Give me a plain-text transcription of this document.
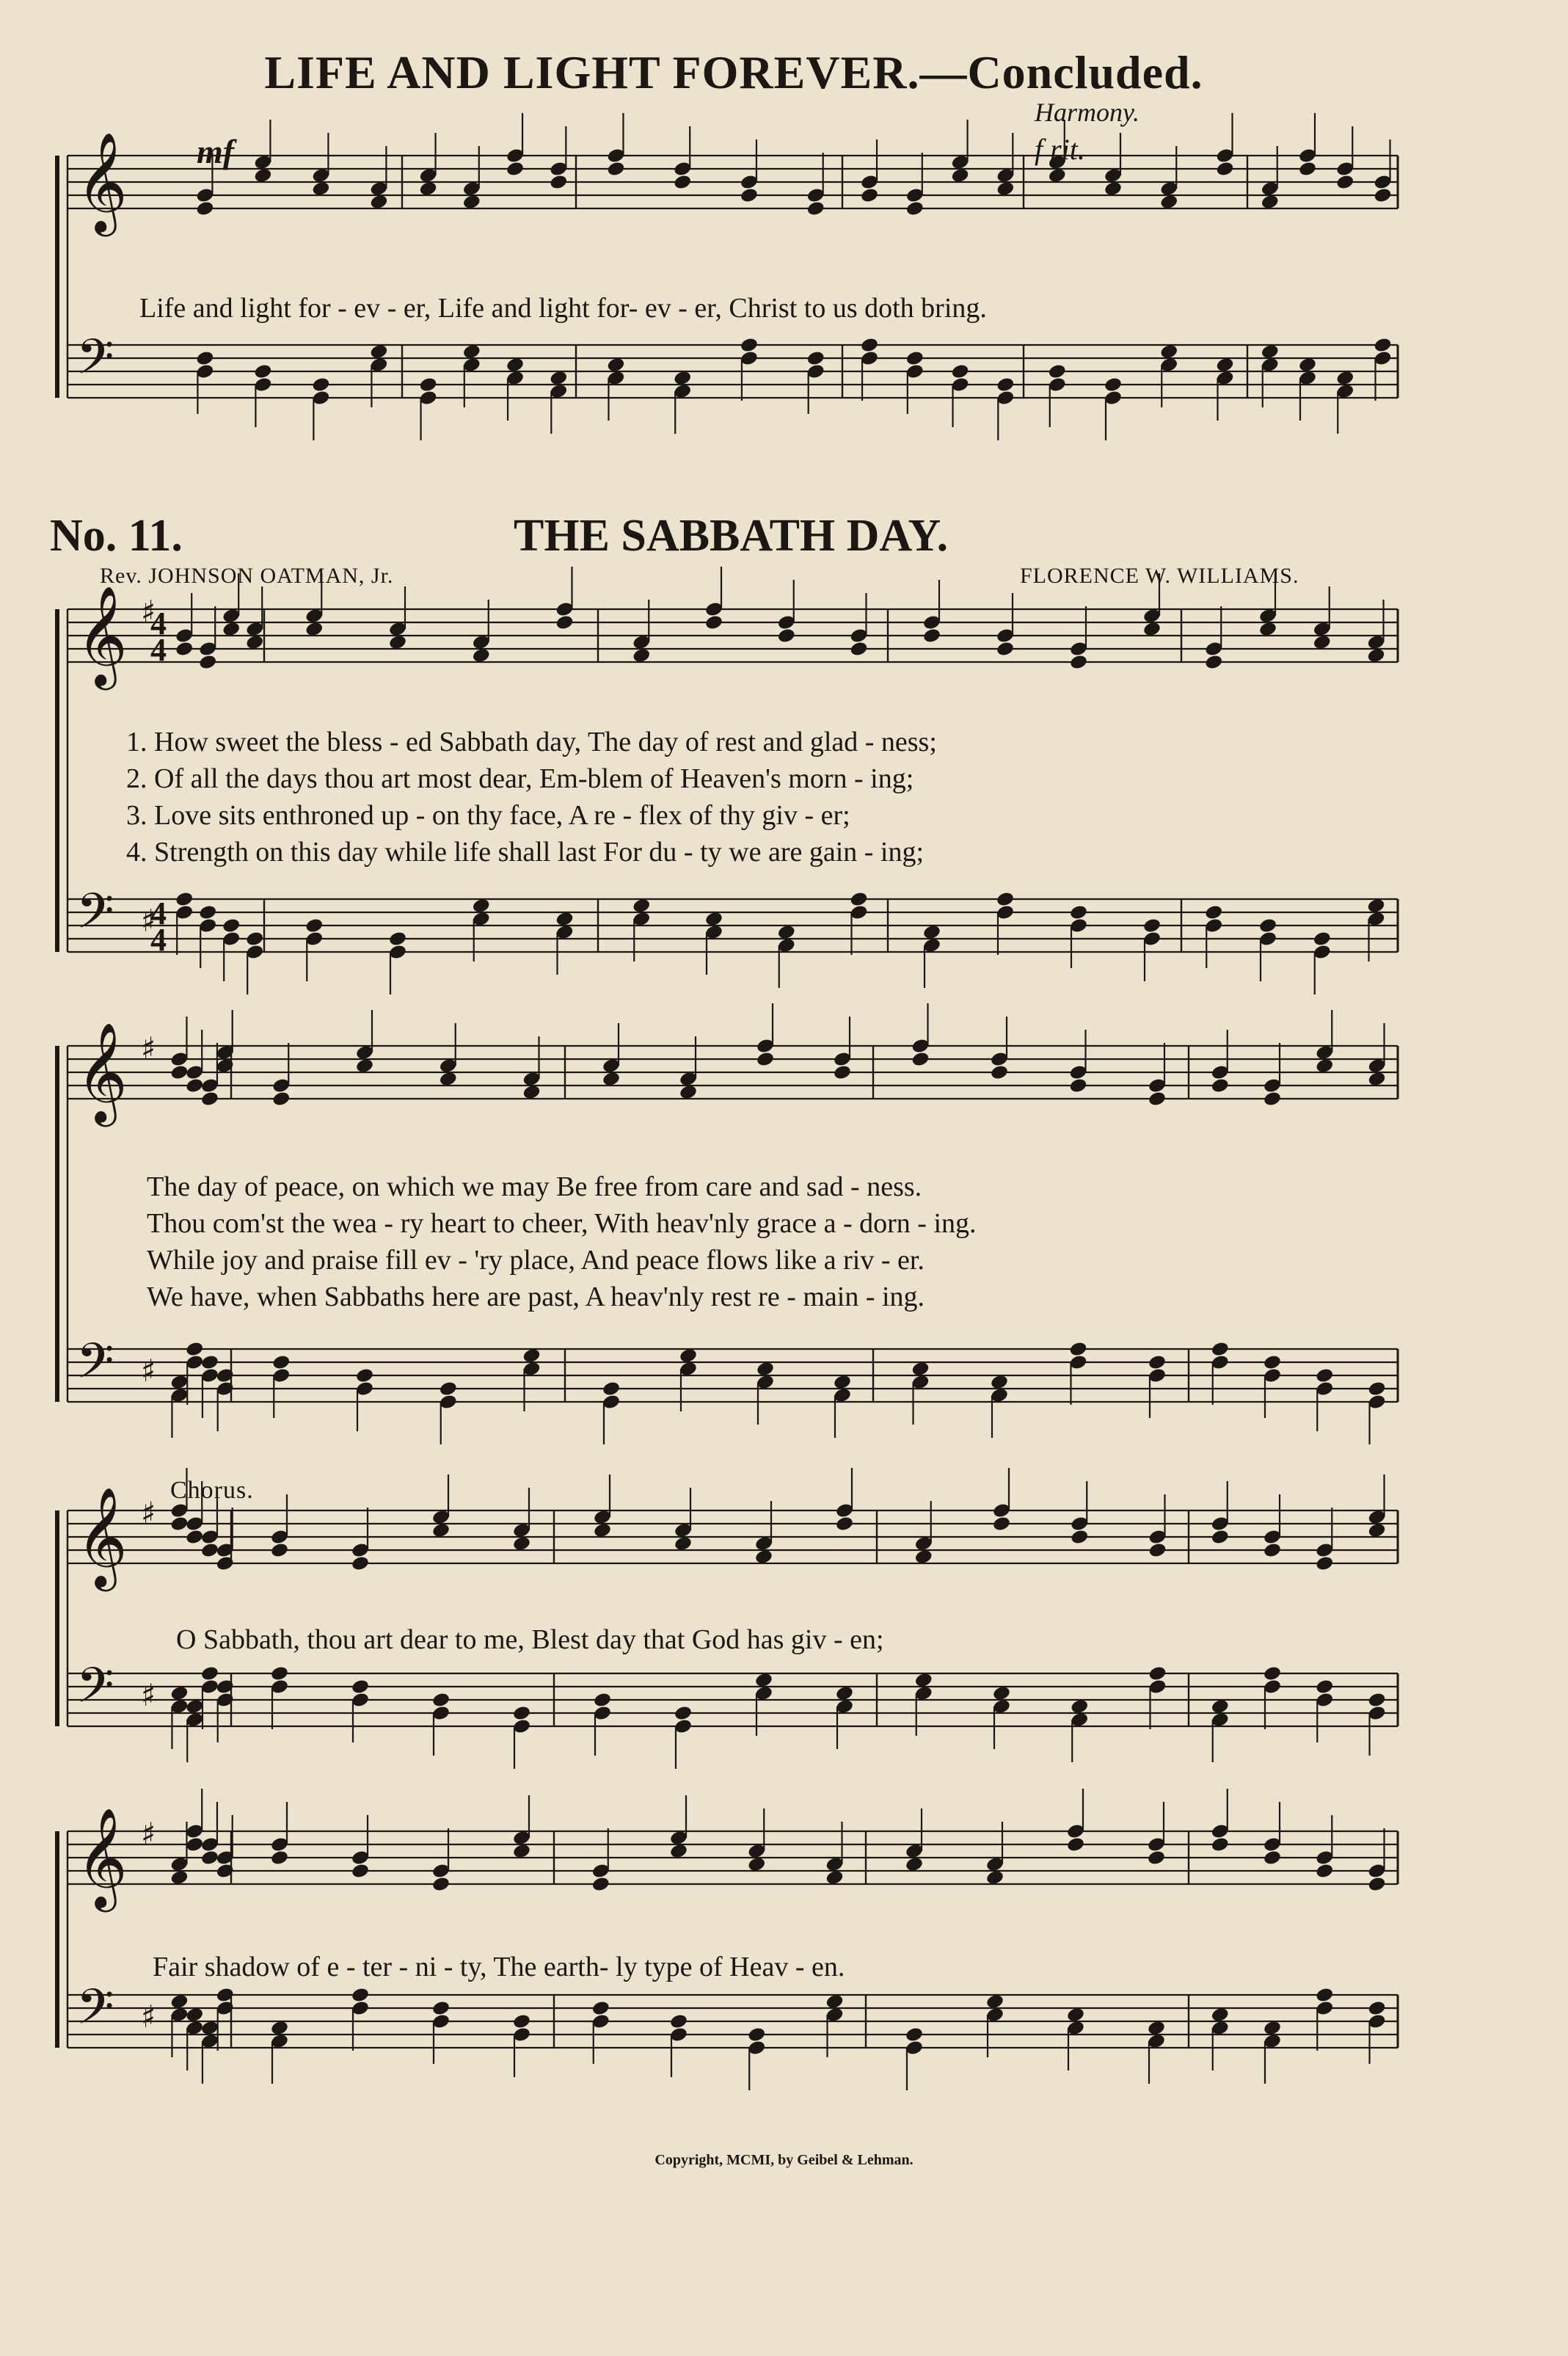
𝄞
𝄢
𝄞 ♯
𝄢 ♯
𝄞 ♯
𝄢 ♯
𝄞 ♯
𝄢 ♯
𝄞 ♯
𝄢 ♯
4
4
4
4
LIFE AND LIGHT FOREVER.—Concluded.
Harmony.
mf	f rit.
Life and light for - ev - er, Life and light for- ev - er, Christ to us doth bring.
No. 11.	THE SABBATH DAY.
Rev. JOHNSON OATMAN, Jr.	FLORENCE W. WILLIAMS.
1. How sweet the bless - ed Sabbath day, The day of rest and glad - ness;
2. Of all the days thou art most dear, Em-blem of Heaven's morn - ing;
3. Love sits enthroned up - on thy face, A re - flex of thy giv - er;
4. Strength on this day while life shall last For du - ty we are gain - ing;
The day of peace, on which we may Be free from care and sad - ness.
Thou com'st the wea - ry heart to cheer, With heav'nly grace a - dorn - ing.
While joy and praise fill ev - 'ry place, And peace flows like a riv - er.
We have, when Sabbaths here are past, A heav'nly rest re - main - ing.
Chorus.
O Sabbath, thou art dear to me, Blest day that God has giv - en;
Fair shadow of e - ter - ni - ty, The earth- ly type of Heav - en.
Copyright, MCMI, by Geibel & Lehman.
